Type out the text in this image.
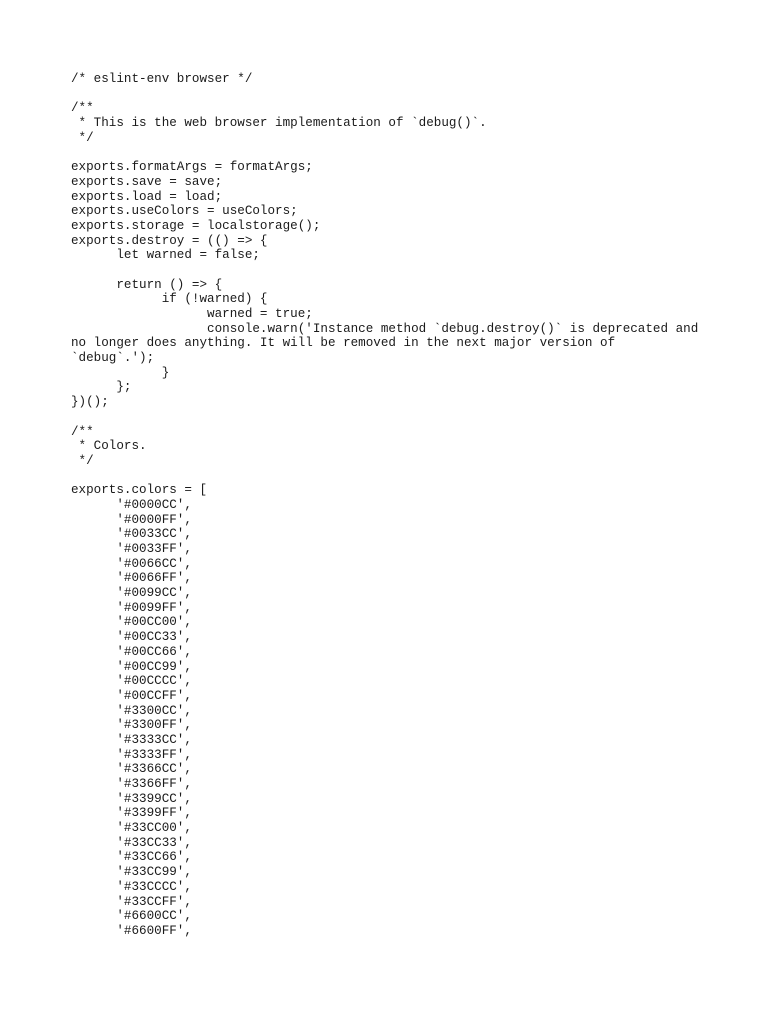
/* eslint-env browser */
/**
* This is the web browser implementation of `debug()`.
*/
exports.formatArgs = formatArgs;
exports.save = save;
exports.load = load;
exports.useColors = useColors;
exports.storage = localstorage();
exports.destroy = (() => {
let warned = false;
return () => {
if (!warned) {
warned = true;
console.warn('Instance method `debug.destroy()` is deprecated and
no longer does anything. It will be removed in the next major version of
`debug`.');
}
};
})();
/**
* Colors.
*/
exports.colors = [
'#0000CC',
'#0000FF',
'#0033CC',
'#0033FF',
'#0066CC',
'#0066FF',
'#0099CC',
'#0099FF',
'#00CC00',
'#00CC33',
'#00CC66',
'#00CC99',
'#00CCCC',
'#00CCFF',
'#3300CC',
'#3300FF',
'#3333CC',
'#3333FF',
'#3366CC',
'#3366FF',
'#3399CC',
'#3399FF',
'#33CC00',
'#33CC33',
'#33CC66',
'#33CC99',
'#33CCCC',
'#33CCFF',
'#6600CC',
'#6600FF',
